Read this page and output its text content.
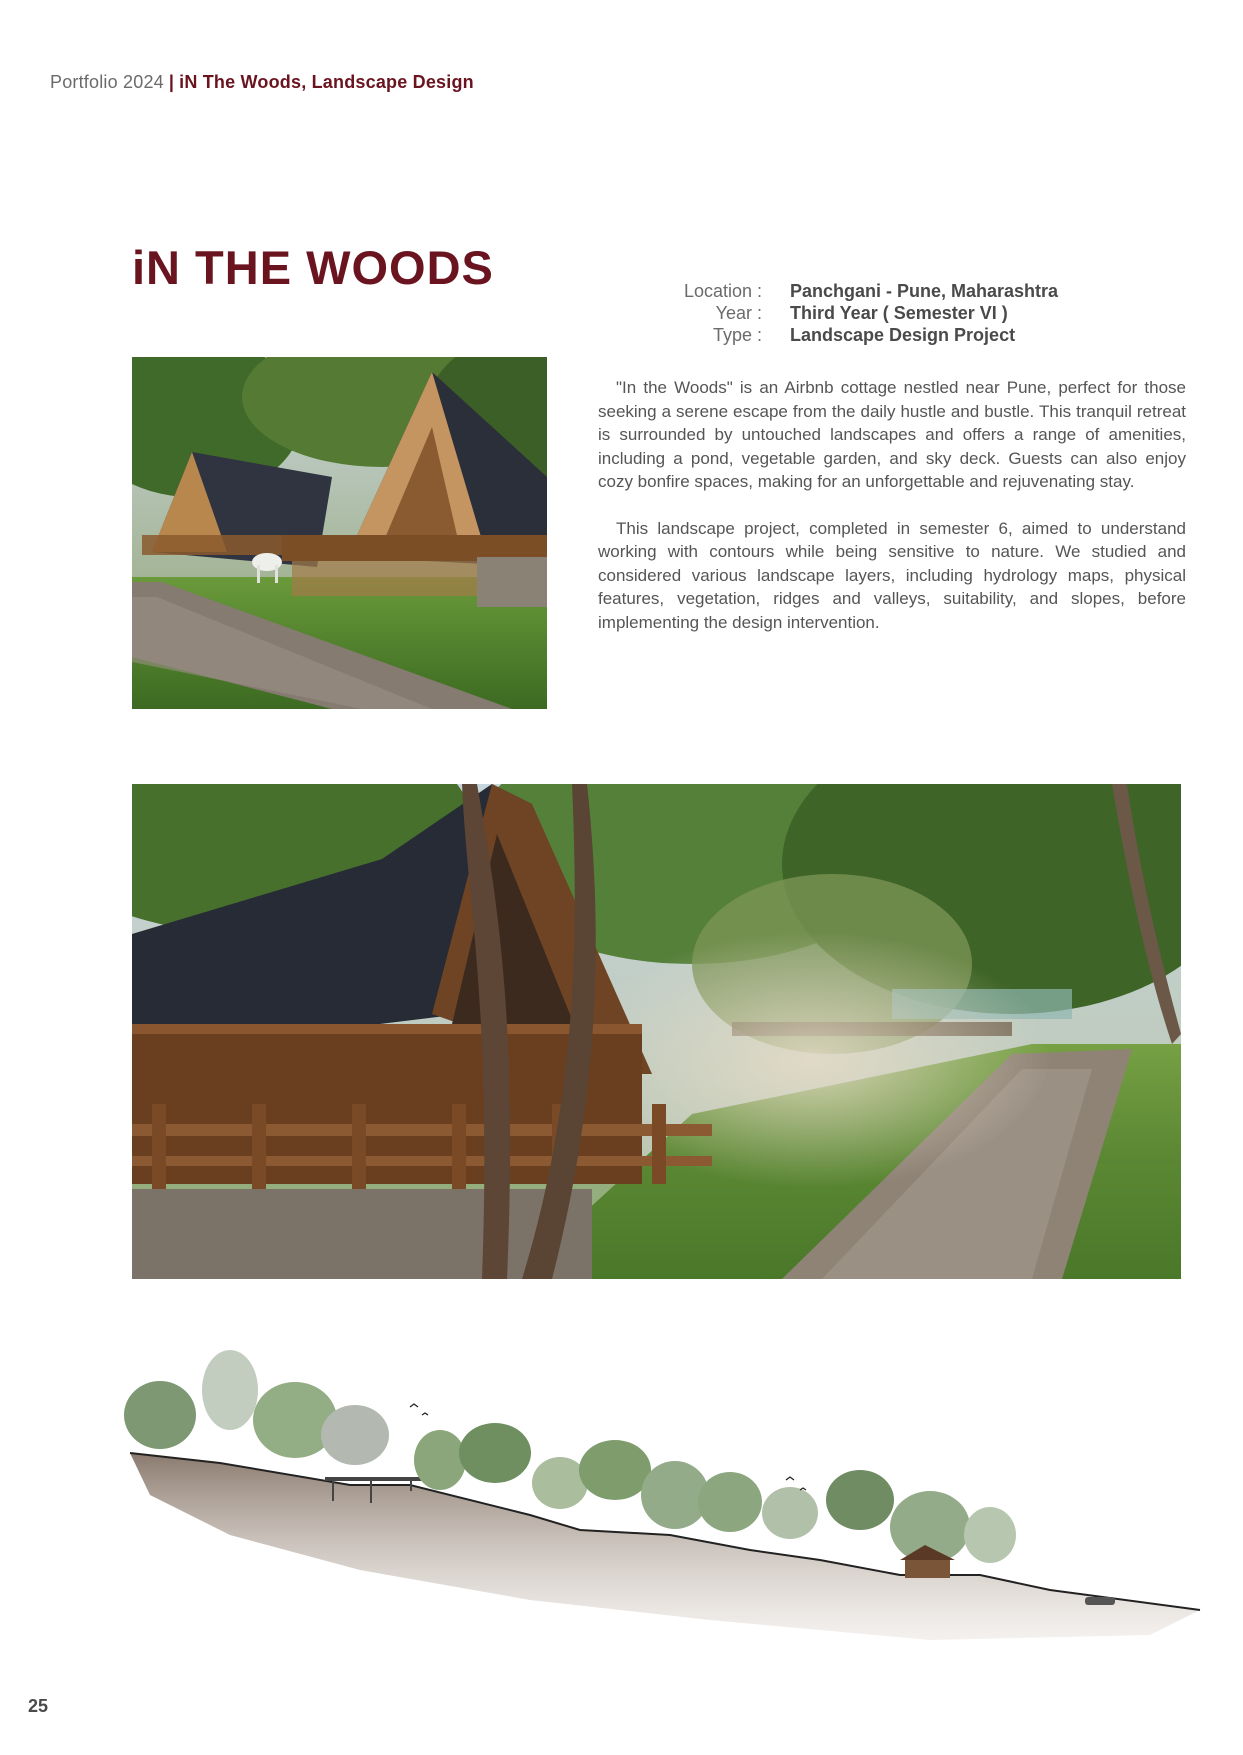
Portfolio 2024 | iN The Woods, Landscape Design
iN THE WOODS	Location :	Panchgani - Pune, Maharashtra
Year :	Third Year ( Semester VI )
Type :	Landscape Design Project

"In the Woods" is an Airbnb cottage nestled near Pune, perfect for those seeking a serene escape from the daily hustle and bustle. This tranquil retreat is surrounded by untouched landscapes and offers a range of amenities, including a pond, vegetable garden, and sky deck. Guests can also enjoy cozy bonfire spaces, making for an unforgettable and rejuvenating stay.

This landscape project, completed in semester 6, aimed to understand working with contours while being sensitive to nature. We studied and considered various landscape layers, including hydrology maps, physical features, vegetation, ridges and valleys, suitability, and slopes, before implementing the design intervention.

25
